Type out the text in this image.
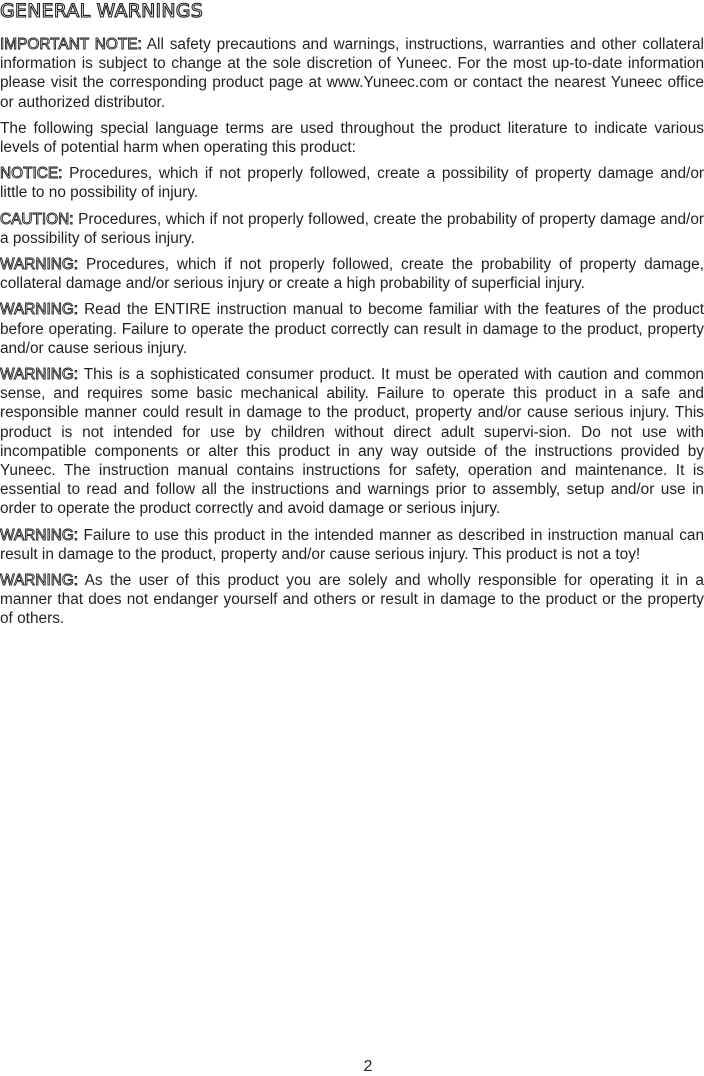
GENERAL WARNINGS

IMPORTANT NOTE: All safety precautions and warnings, instructions, warranties and other collateral information is subject to change at the sole discretion of Yuneec. For the most up-to-date information please visit the corresponding product page at www.Yuneec.com or contact the nearest Yuneec office or authorized distributor.

The following special language terms are used throughout the product literature to indicate various levels of potential harm when operating this product:

NOTICE: Procedures, which if not properly followed, create a possibility of property damage and/or little to no possibility of injury.

CAUTION: Procedures, which if not properly followed, create the probability of property damage and/or a possibility of serious injury.

WARNING: Procedures, which if not properly followed, create the probability of property damage, collateral damage and/or serious injury or create a high probability of superficial injury.

WARNING: Read the ENTIRE instruction manual to become familiar with the features of the product before operating. Failure to operate the product correctly can result in damage to the product, property and/or cause serious injury.

WARNING: This is a sophisticated consumer product. It must be operated with caution and common sense, and requires some basic mechanical ability. Failure to operate this product in a safe and responsible manner could result in damage to the product, property and/or cause serious injury. This product is not intended for use by children without direct adult supervi-sion. Do not use with incompatible components or alter this product in any way outside of the instructions provided by Yuneec. The instruction manual contains instructions for safety, operation and maintenance. It is essential to read and follow all the instructions and warnings prior to assembly, setup and/or use in order to operate the product correctly and avoid damage or serious injury.

WARNING: Failure to use this product in the intended manner as described in instruction manual can result in damage to the product, property and/or cause serious injury. This product is not a toy!

WARNING: As the user of this product you are solely and wholly responsible for operating it in a manner that does not endanger yourself and others or result in damage to the product or the property of others.

2
